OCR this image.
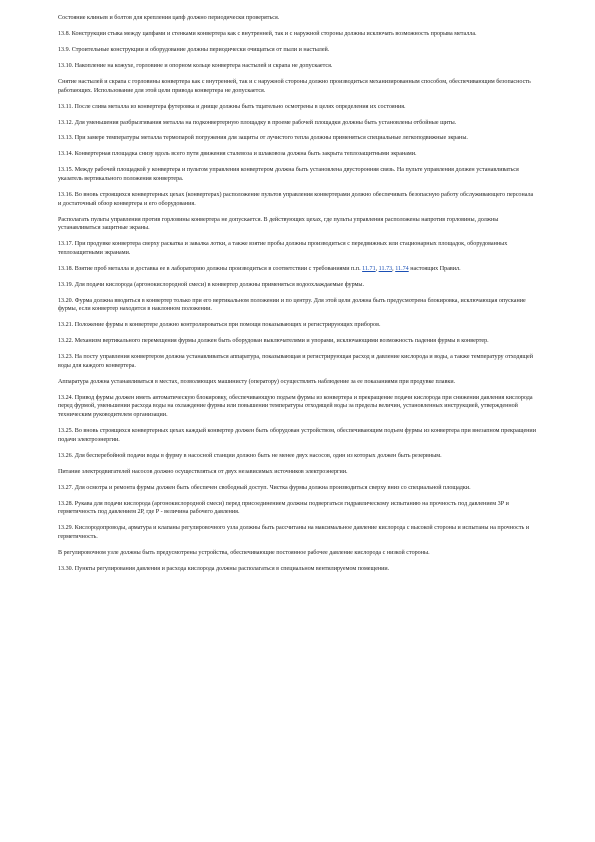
Состояние клиньев и болтов для крепления цапф должно периодически проверяться.

13.8. Конструкции стыка между цапфами и стенками конвертера как с внутренней, так и с наружной стороны должны исключать возможность прорыва металла.

13.9. Строительные конструкции и оборудование должны периодически очищаться от пыли и настылей.

13.10. Накопление на кожухе, горловине и опорном кольце конвертера настылей и скрапа не допускается.

Снятие настылей и скрапа с горловины конвертера как с внутренней, так и с наружной стороны должно производиться механизированным способом, обеспечивающим безопасность работающих. Использование для этой цели привода конвертера не допускается.

13.11. После слива металла из конвертера футеровка и днище должны быть тщательно осмотрены в целях определения их состояния.

13.12. Для уменьшения разбрызгивания металла на подконвертерную площадку в проеме рабочей площадки должны быть установлены отбойные щиты.

13.13. При замере температуры металла термопарой погружения для защиты от лучистого тепла должны применяться специальные легкоподвижные экраны.

13.14. Конвертерная площадка снизу вдоль всего пути движения сталевоза и шлаковоза должна быть закрыта теплозащитными экранами.

13.15. Между рабочей площадкой у конвертера и пультом управления конвертером должна быть установлена двусторонняя связь. На пульте управления должен устанавливаться указатель вертикального положения конвертера.

13.16. Во вновь строящихся конвертерных цехах (конвертерах) расположение пультов управления конвертерами должно обеспечивать безопасную работу обслуживающего персонала и достаточный обзор конвертера и его оборудования.

Располагать пульты управления против горловины конвертера не допускается. В действующих цехах, где пульты управления расположены напротив горловины, должны устанавливаться защитные экраны.

13.17. При продувке конвертера сверху раскатка и завалка лотки, а также взятие пробы должны производиться с передвижных или стационарных площадок, оборудованных теплозащитными экранами.

13.18. Взятие проб металла и доставка ее в лабораторию должны производиться в соответствии с требованиями п.п. 11.71, 11.73, 11.74 настоящих Правил.

13.19. Для подачи кислорода (аргонокислородной смеси) в конвертер должны применяться водоохлаждаемые фурмы.

13.20. Фурма должна вводиться в конвертер только при его вертикальном положении и по центру. Для этой цели должна быть предусмотрена блокировка, исключающая опускание фурмы, если конвертер находится в наклонном положении.

13.21. Положение фурмы в конвертере должно контролироваться при помощи показывающих и регистрирующих приборов.

13.22. Механизм вертикального перемещения фурмы должен быть оборудован выключателями и упорами, исключающими возможность падения фурмы в конвертер.

13.23. На посту управления конвертером должна устанавливаться аппаратура, показывающая и регистрирующая расход и давление кислорода и воды, а также температуру отходящей воды для каждого конвертера.

Аппаратура должна устанавливаться в местах, позволяющих машинисту (оператору) осуществлять наблюдение за ее показаниями при продувке плавки.

13.24. Привод фурмы должен иметь автоматическую блокировку, обеспечивающую подъем фурмы из конвертера и прекращение подачи кислорода при снижении давления кислорода перед фурмой, уменьшении расхода воды на охлаждение фурмы или повышении температуры отходящей воды за пределы величин, установленных инструкцией, утвержденной техническим руководителем организации.

13.25. Во вновь строящихся конвертерных цехах каждый конвертер должен быть оборудован устройством, обеспечивающим подъем фурмы из конвертера при внезапном прекращении подачи электроэнергии.

13.26. Для бесперебойной подачи воды в фурму в насосной станции должно быть не менее двух насосов, один из которых должен быть резервным.

Питание электродвигателей насосов должно осуществляться от двух независимых источников электроэнергии.

13.27. Для осмотра и ремонта фурмы должен быть обеспечен свободный доступ. Чистка фурмы должна производиться сверху вниз со специальной площадки.

13.28. Рукава для подачи кислорода (аргонокислородной смеси) перед присоединением должны подвергаться гидравлическому испытанию на прочность под давлением 3Р и герметичность под давлением 2Р, где Р - величина рабочего давления.

13.29. Кислородопроводы, арматура и клапаны регулировочного узла должны быть рассчитаны на максимальное давление кислорода с высокой стороны и испытаны на прочность и герметичность.

В регулировочном узле должны быть предусмотрены устройства, обеспечивающие постоянное рабочее давление кислорода с низкой стороны.

13.30. Пункты регулирования давления и расхода кислорода должны располагаться в специальном вентилируемом помещении.
